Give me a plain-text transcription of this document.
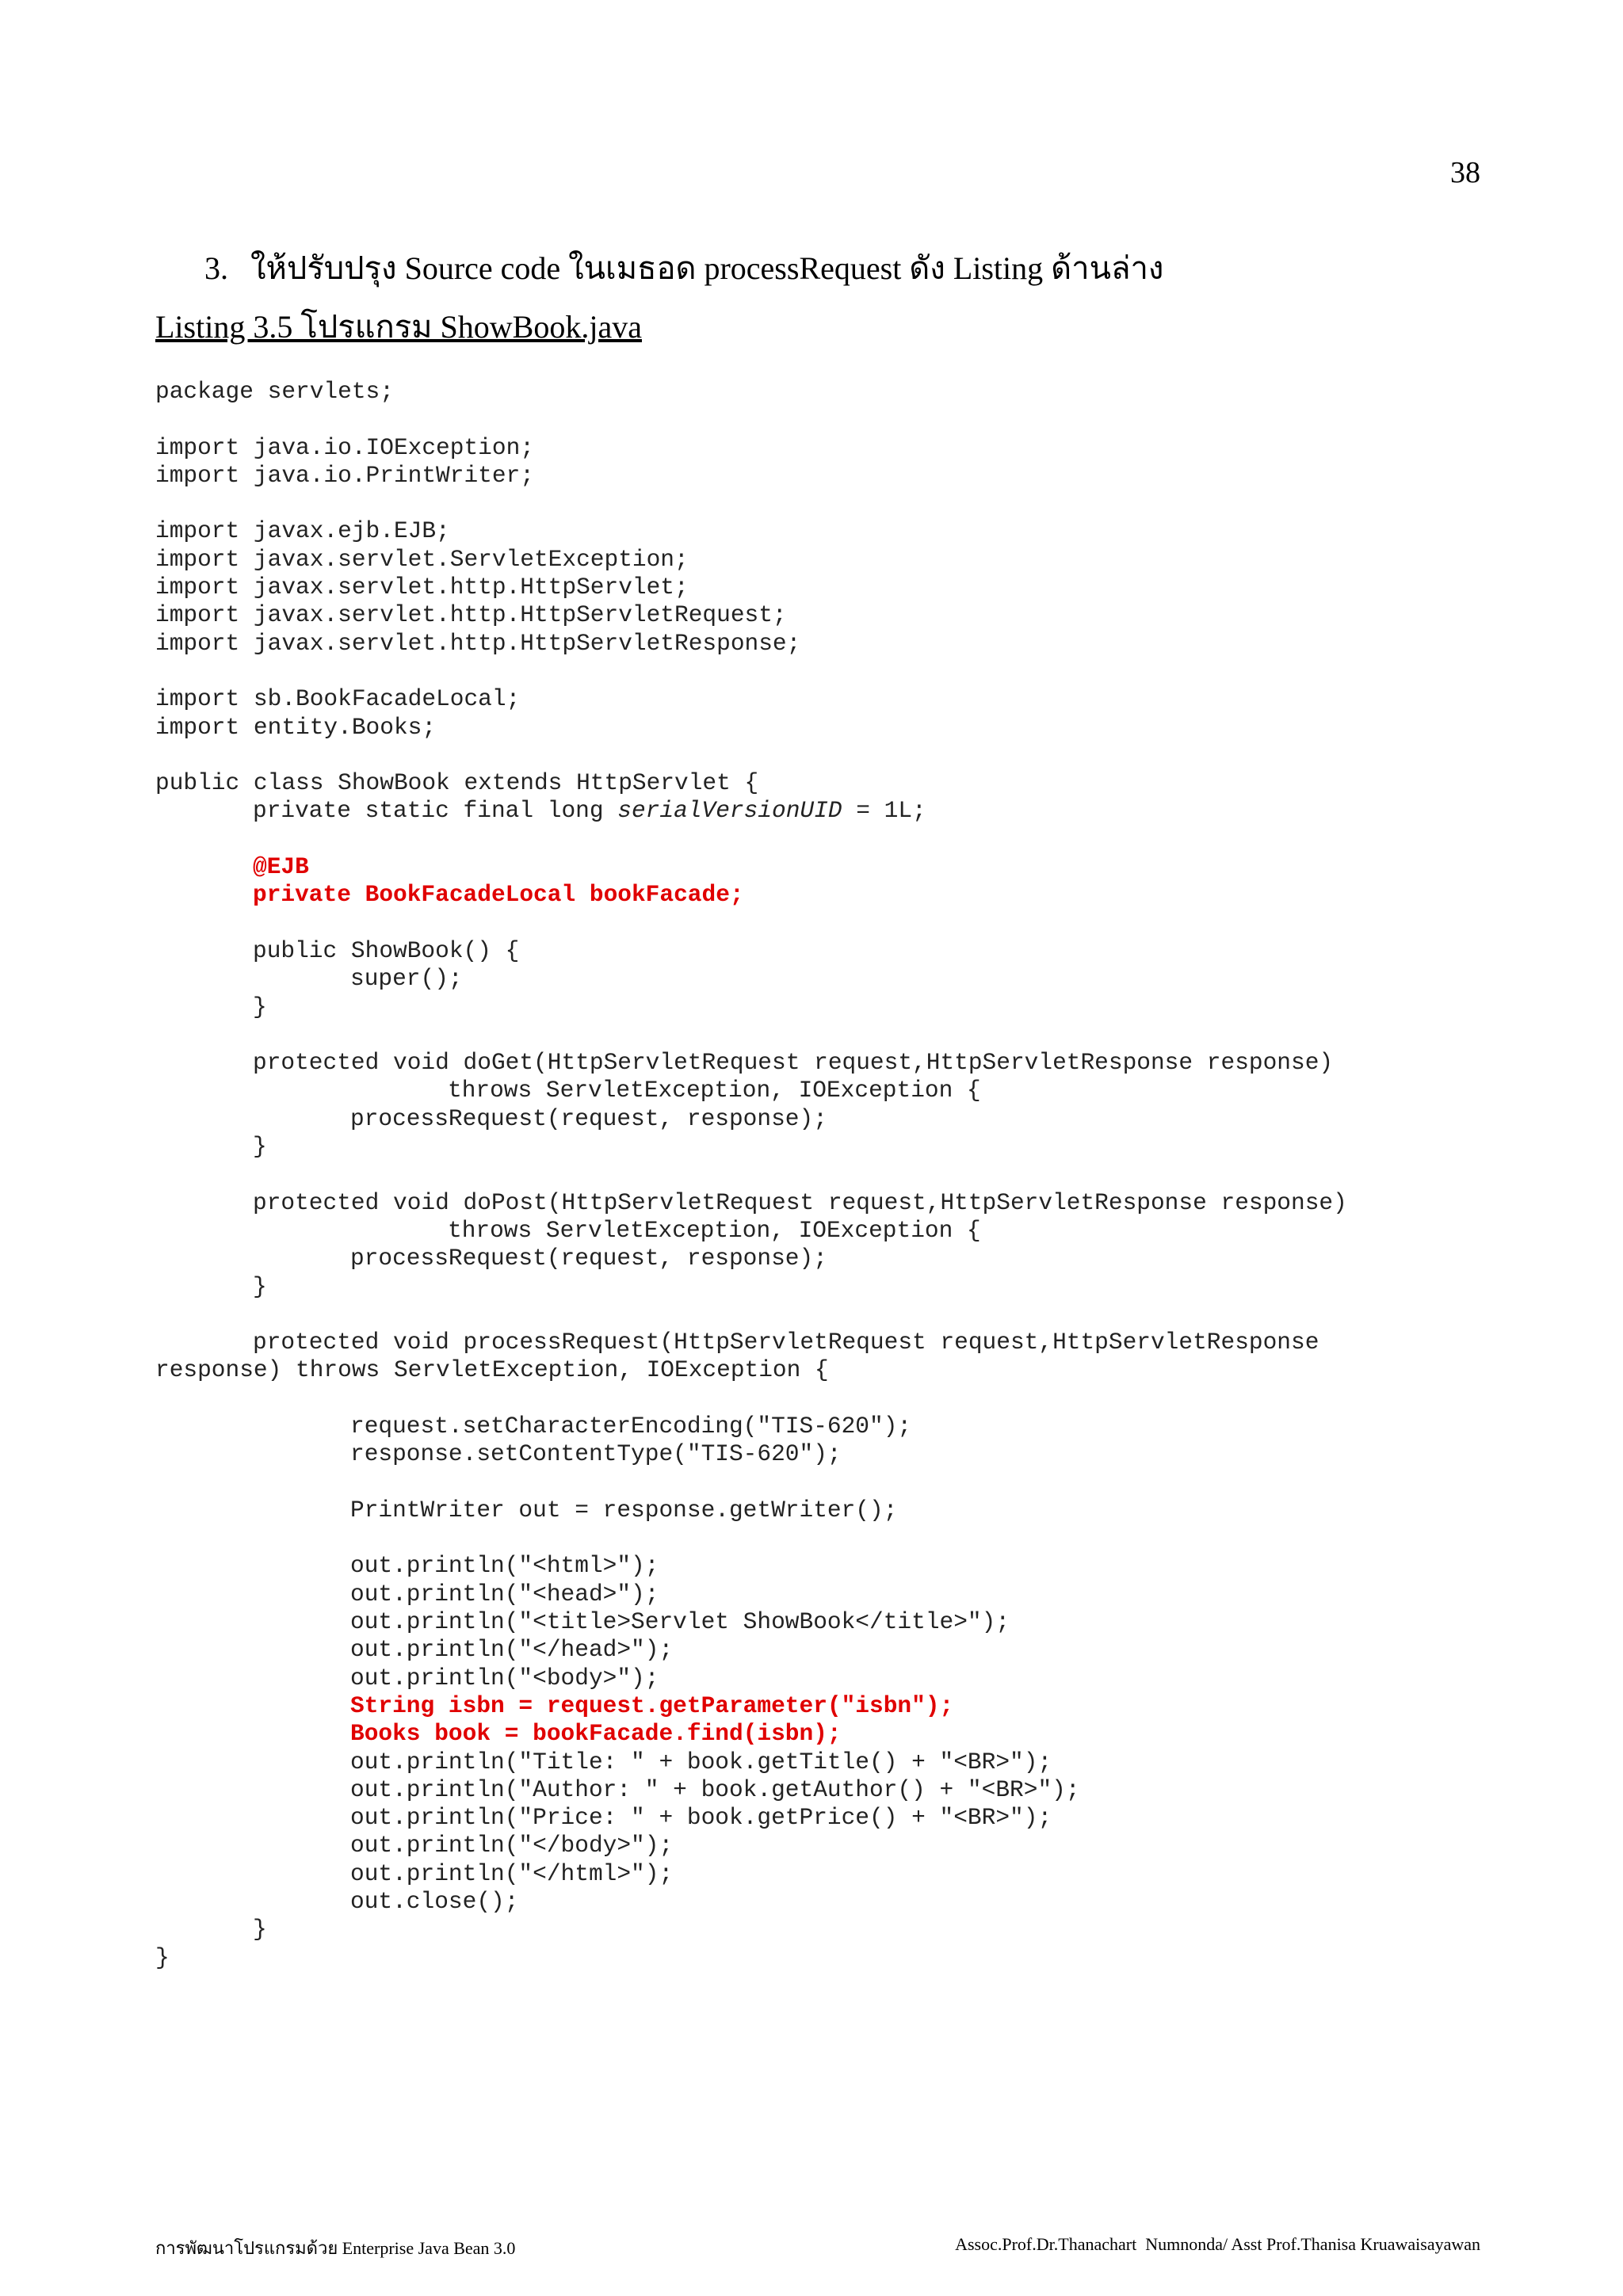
38
3. ให้ปรับปรุง Source code ในเมธอด processRequest ดัง Listing ด้านล่าง
Listing 3.5 โปรแกรม ShowBook.java
package servlets;
import java.io.IOException;
import java.io.PrintWriter;
import javax.ejb.EJB;
import javax.servlet.ServletException;
import javax.servlet.http.HttpServlet;
import javax.servlet.http.HttpServletRequest;
import javax.servlet.http.HttpServletResponse;
import sb.BookFacadeLocal;
import entity.Books;
public class ShowBook extends HttpServlet {
private static final long serialVersionUID = 1L;
@EJB
private BookFacadeLocal bookFacade;
public ShowBook() {
super();
}
protected void doGet(HttpServletRequest request,HttpServletResponse response)
throws ServletException, IOException {
processRequest(request, response);
}
protected void doPost(HttpServletRequest request,HttpServletResponse response)
throws ServletException, IOException {
processRequest(request, response);
}
protected void processRequest(HttpServletRequest request,HttpServletResponse
response) throws ServletException, IOException {
request.setCharacterEncoding("TIS-620");
response.setContentType("TIS-620");
PrintWriter out = response.getWriter();
out.println("<html>");
out.println("<head>");
out.println("<title>Servlet ShowBook</title>");
out.println("</head>");
out.println("<body>");
String isbn = request.getParameter("isbn");
Books book = bookFacade.find(isbn);
out.println("Title: " + book.getTitle() + "<BR>");
out.println("Author: " + book.getAuthor() + "<BR>");
out.println("Price: " + book.getPrice() + "<BR>");
out.println("</body>");
out.println("</html>");
out.close();
}
}
การพัฒนาโปรแกรมด้วย Enterprise Java Bean 3.0	Assoc.Prof.Dr.Thanachart  Numnonda/ Asst Prof.Thanisa Kruawaisayawan
